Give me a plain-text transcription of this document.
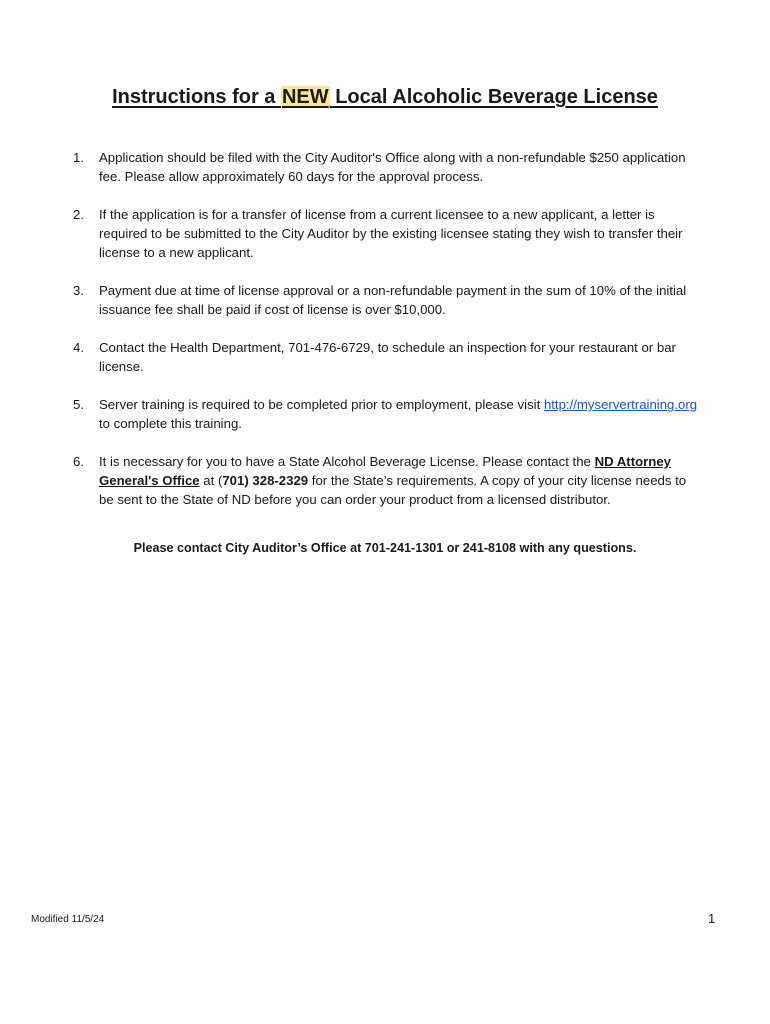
Instructions for a NEW Local Alcoholic Beverage License
1.	Application should be filed with the City Auditor's Office along with a non-refundable $250 application fee. Please allow approximately 60 days for the approval process.
2.	If the application is for a transfer of license from a current licensee to a new applicant, a letter is required to be submitted to the City Auditor by the existing licensee stating they wish to transfer their license to a new applicant.
3.	Payment due at time of license approval or a non-refundable payment in the sum of 10% of the initial issuance fee shall be paid if cost of license is over $10,000.
4.	Contact the Health Department, 701-476-6729, to schedule an inspection for your restaurant or bar license.
5.	Server training is required to be completed prior to employment, please visit http://myservertraining.org to complete this training.
6.	It is necessary for you to have a State Alcohol Beverage License. Please contact the ND Attorney General's Office at (701) 328-2329 for the State’s requirements. A copy of your city license needs to be sent to the State of ND before you can order your product from a licensed distributor.
Please contact City Auditor’s Office at 701-241-1301 or 241-8108 with any questions.
Modified 11/5/24	1
